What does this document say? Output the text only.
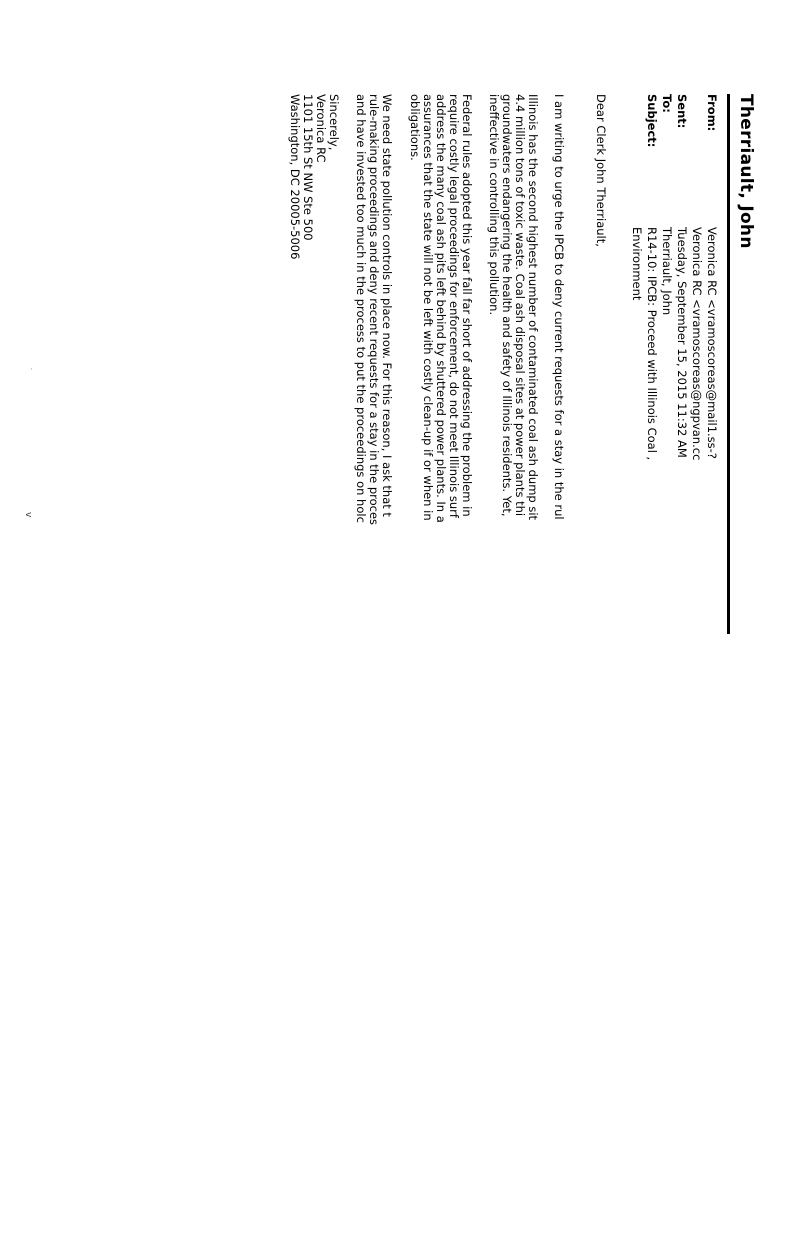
Therriault, John
From:
Veronica RC <vramoscoreas@mail1.ss-?
Veronica RC <vramoscoreas@ngpvan.cc
Sent:
Tuesday, September 15, 2015 11:32 AM
To:
Therriault, John
Subject:
R14-10: IPCB: Proceed with Illinois Coal ,
Environment

Dear Clerk John Therriault,

I am writing to urge the IPCB to deny current requests for a stay in the rul

Illinois has the second highest number of contaminated coal ash dump sit

4.4 million tons of toxic waste. Coal ash disposal sites at power plants thi

groundwaters endangering the health and safety of Illinois residents. Yet,

ineffective in controlling this pollution.

Federal rules adopted this year fall far short of addressing the problem in

require costly legal proceedings for enforcement, do not meet Illinois surf

address the many coal ash pits left behind by shuttered power plants. In a

assurances that the state will not be left with costly clean-up if or when in

obligations.

We need state pollution controls in place now. For this reason, I ask that t

rule-making proceedings and deny recent requests for a stay in the proces

and have invested too much in the process to put the proceedings on holc

Sincerely,

Veronica RC

1101 15th St NW Ste 500

Washington, DC 20005-5006

v
.
